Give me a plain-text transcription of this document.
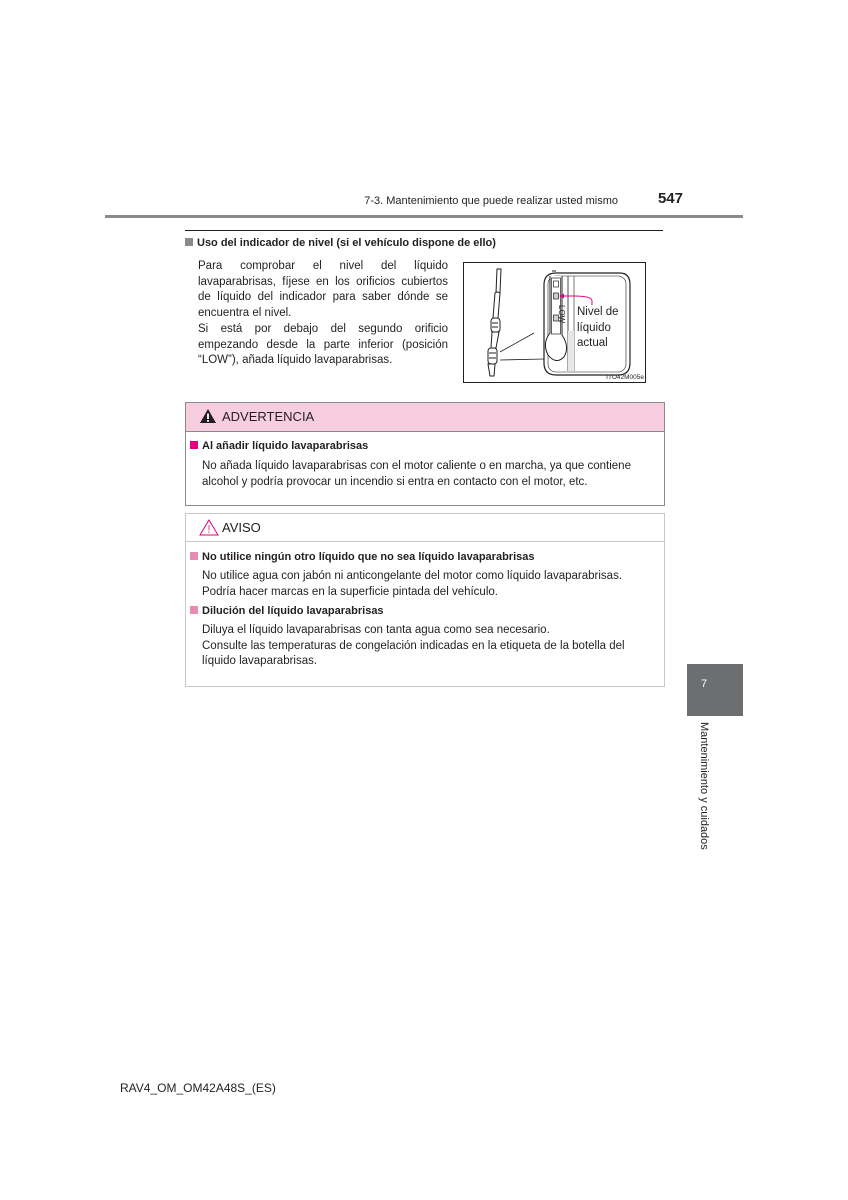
7-3. Mantenimiento que puede realizar usted mismo	547
Uso del indicador de nivel (si el vehículo dispone de ello)

Para comprobar el nivel del líquido lavaparabrisas, fíjese en los orificios cubiertos de líquido del indicador para saber dónde se encuentra el nivel.

Si está por debajo del segundo orificio empezando desde la parte inferior (posición “LOW”), añada líquido lavaparabrisas.

LOW Nivel de
líquido
actual
ITO42M005e
ADVERTENCIA
Al añadir líquido lavaparabrisas
No añada líquido lavaparabrisas con el motor caliente o en marcha, ya que contiene alcohol y podría provocar un incendio si entra en contacto con el motor, etc.
AVISO
No utilice ningún otro líquido que no sea líquido lavaparabrisas
No utilice agua con jabón ni anticongelante del motor como líquido lavaparabrisas. Podría hacer marcas en la superficie pintada del vehículo.
Dilución del líquido lavaparabrisas
Diluya el líquido lavaparabrisas con tanta agua como sea necesario.
Consulte las temperaturas de congelación indicadas en la etiqueta de la botella del líquido lavaparabrisas.
7
Mantenimiento y cuidados
RAV4_OM_OM42A48S_(ES)
